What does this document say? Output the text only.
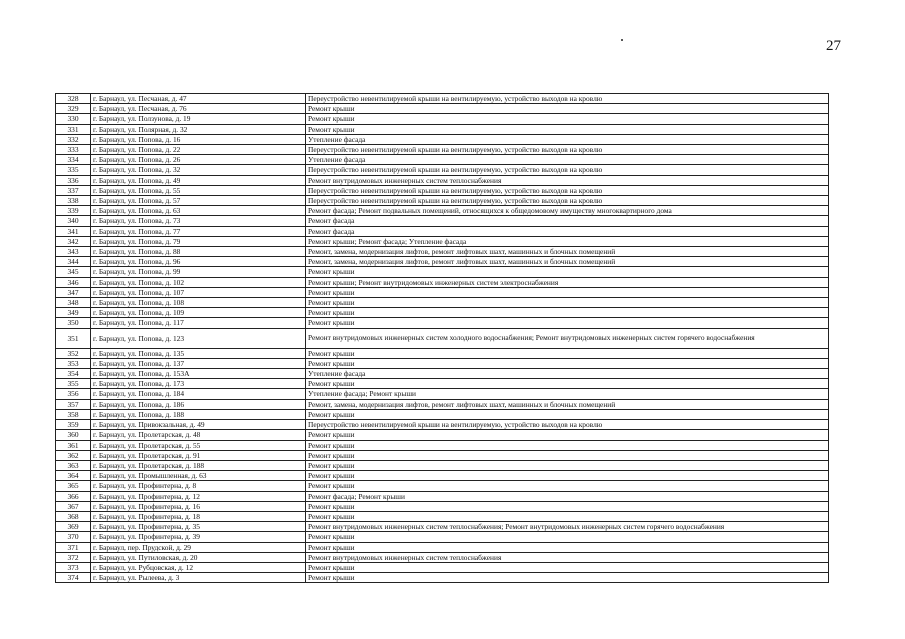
27
328	г. Барнаул, ул. Песчаная, д. 47	Переустройство невентилируемой крыши на вентилируемую, устройство выходов на кровлю
329	г. Барнаул, ул. Песчаная, д. 76	Ремонт крыши
330	г. Барнаул, ул. Ползунова, д. 19	Ремонт крыши
331	г. Барнаул, ул. Полярная, д. 32	Ремонт крыши
332	г. Барнаул, ул. Попова, д. 16	Утепление фасада
333	г. Барнаул, ул. Попова, д. 22	Переустройство невентилируемой крыши на вентилируемую, устройство выходов на кровлю
334	г. Барнаул, ул. Попова, д. 26	Утепление фасада
335	г. Барнаул, ул. Попова, д. 32	Переустройство невентилируемой крыши на вентилируемую, устройство выходов на кровлю
336	г. Барнаул, ул. Попова, д. 49	Ремонт внутридомовых инженерных систем теплоснабжения
337	г. Барнаул, ул. Попова, д. 55	Переустройство невентилируемой крыши на вентилируемую, устройство выходов на кровлю
338	г. Барнаул, ул. Попова, д. 57	Переустройство невентилируемой крыши на вентилируемую, устройство выходов на кровлю
339	г. Барнаул, ул. Попова, д. 63	Ремонт фасада; Ремонт подвальных помещений, относящихся к общедомовому имуществу многоквартирного дома
340	г. Барнаул, ул. Попова, д. 73	Ремонт фасада
341	г. Барнаул, ул. Попова, д. 77	Ремонт фасада
342	г. Барнаул, ул. Попова, д. 79	Ремонт крыши; Ремонт фасада; Утепление фасада
343	г. Барнаул, ул. Попова, д. 88	Ремонт, замена, модернизация лифтов, ремонт лифтовых шахт, машинных и блочных помещений
344	г. Барнаул, ул. Попова, д. 96	Ремонт, замена, модернизация лифтов, ремонт лифтовых шахт, машинных и блочных помещений
345	г. Барнаул, ул. Попова, д. 99	Ремонт крыши
346	г. Барнаул, ул. Попова, д. 102	Ремонт крыши; Ремонт внутридомовых инженерных систем электроснабжения
347	г. Барнаул, ул. Попова, д. 107	Ремонт крыши
348	г. Барнаул, ул. Попова, д. 108	Ремонт крыши
349	г. Барнаул, ул. Попова, д. 109	Ремонт крыши
350	г. Барнаул, ул. Попова, д. 117	Ремонт крыши
351	г. Барнаул, ул. Попова, д. 123	Ремонт внутридомовых инженерных систем холодного водоснабжения; Ремонт внутридомовых инженерных систем горячего водоснабжения
352	г. Барнаул, ул. Попова, д. 135	Ремонт крыши
353	г. Барнаул, ул. Попова, д. 137	Ремонт крыши
354	г. Барнаул, ул. Попова, д. 153А	Утепление фасада
355	г. Барнаул, ул. Попова, д. 173	Ремонт крыши
356	г. Барнаул, ул. Попова, д. 184	Утепление фасада; Ремонт крыши
357	г. Барнаул, ул. Попова, д. 186	Ремонт, замена, модернизация лифтов, ремонт лифтовых шахт, машинных и блочных помещений
358	г. Барнаул, ул. Попова, д. 188	Ремонт крыши
359	г. Барнаул, ул. Привокзальная, д. 49	Переустройство невентилируемой крыши на вентилируемую, устройство выходов на кровлю
360	г. Барнаул, ул. Пролетарская, д. 48	Ремонт крыши
361	г. Барнаул, ул. Пролетарская, д. 55	Ремонт крыши
362	г. Барнаул, ул. Пролетарская, д. 91	Ремонт крыши
363	г. Барнаул, ул. Пролетарская, д. 188	Ремонт крыши
364	г. Барнаул, ул. Промышленная, д. 63	Ремонт крыши
365	г. Барнаул, ул. Профинтерна, д. 8	Ремонт крыши
366	г. Барнаул, ул. Профинтерна, д. 12	Ремонт фасада; Ремонт крыши
367	г. Барнаул, ул. Профинтерна, д. 16	Ремонт крыши
368	г. Барнаул, ул. Профинтерна, д. 18	Ремонт крыши
369	г. Барнаул, ул. Профинтерна, д. 35	Ремонт внутридомовых инженерных систем теплоснабжения; Ремонт внутридомовых инженерных систем горячего водоснабжения
370	г. Барнаул, ул. Профинтерна, д. 39	Ремонт крыши
371	г. Барнаул, пер. Прудской, д. 29	Ремонт крыши
372	г. Барнаул, ул. Путиловская, д. 20	Ремонт внутридомовых инженерных систем теплоснабжения
373	г. Барнаул, ул. Рубцовская, д. 12	Ремонт крыши
374	г. Барнаул, ул. Рылеева, д. 3	Ремонт крыши
